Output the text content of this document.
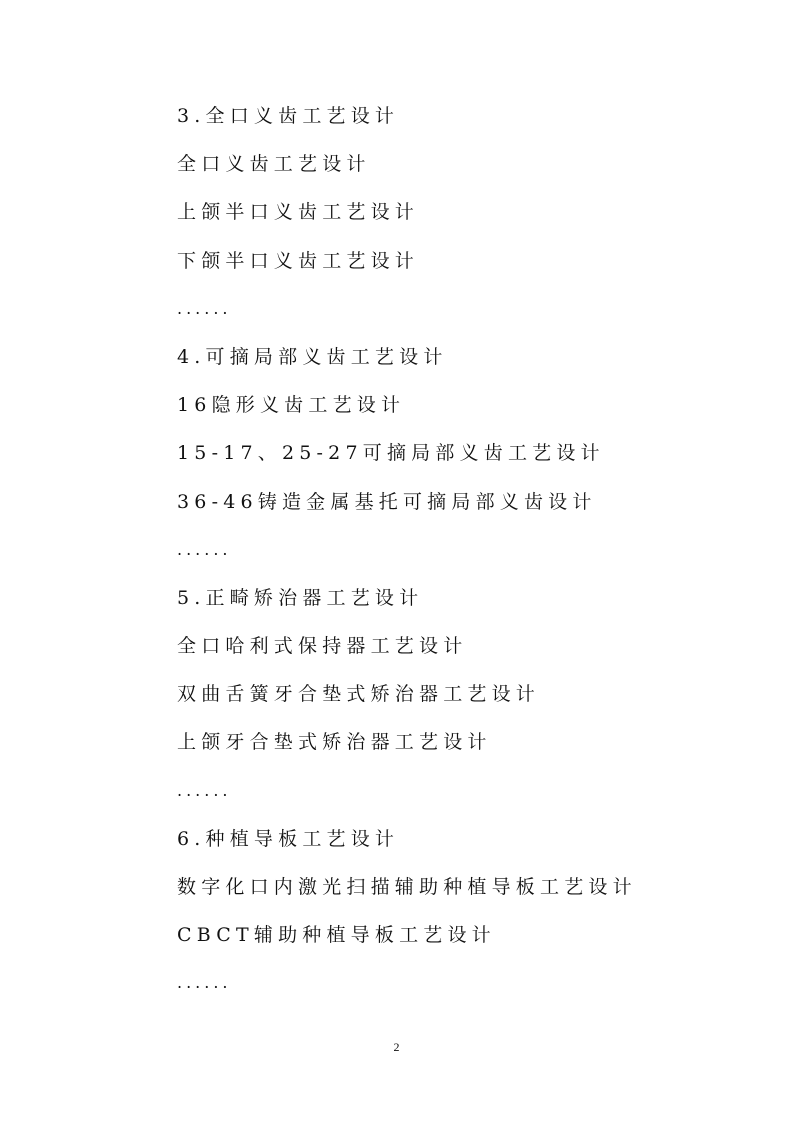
3.全口义齿工艺设计
全口义齿工艺设计
上颌半口义齿工艺设计
下颌半口义齿工艺设计
......
4.可摘局部义齿工艺设计
16隐形义齿工艺设计
15-17、25-27可摘局部义齿工艺设计
36-46铸造金属基托可摘局部义齿设计
......
5.正畸矫治器工艺设计
全口哈利式保持器工艺设计
双曲舌簧牙合垫式矫治器工艺设计
上颌牙合垫式矫治器工艺设计
......
6.种植导板工艺设计
数字化口内激光扫描辅助种植导板工艺设计
CBCT辅助种植导板工艺设计
......
2
